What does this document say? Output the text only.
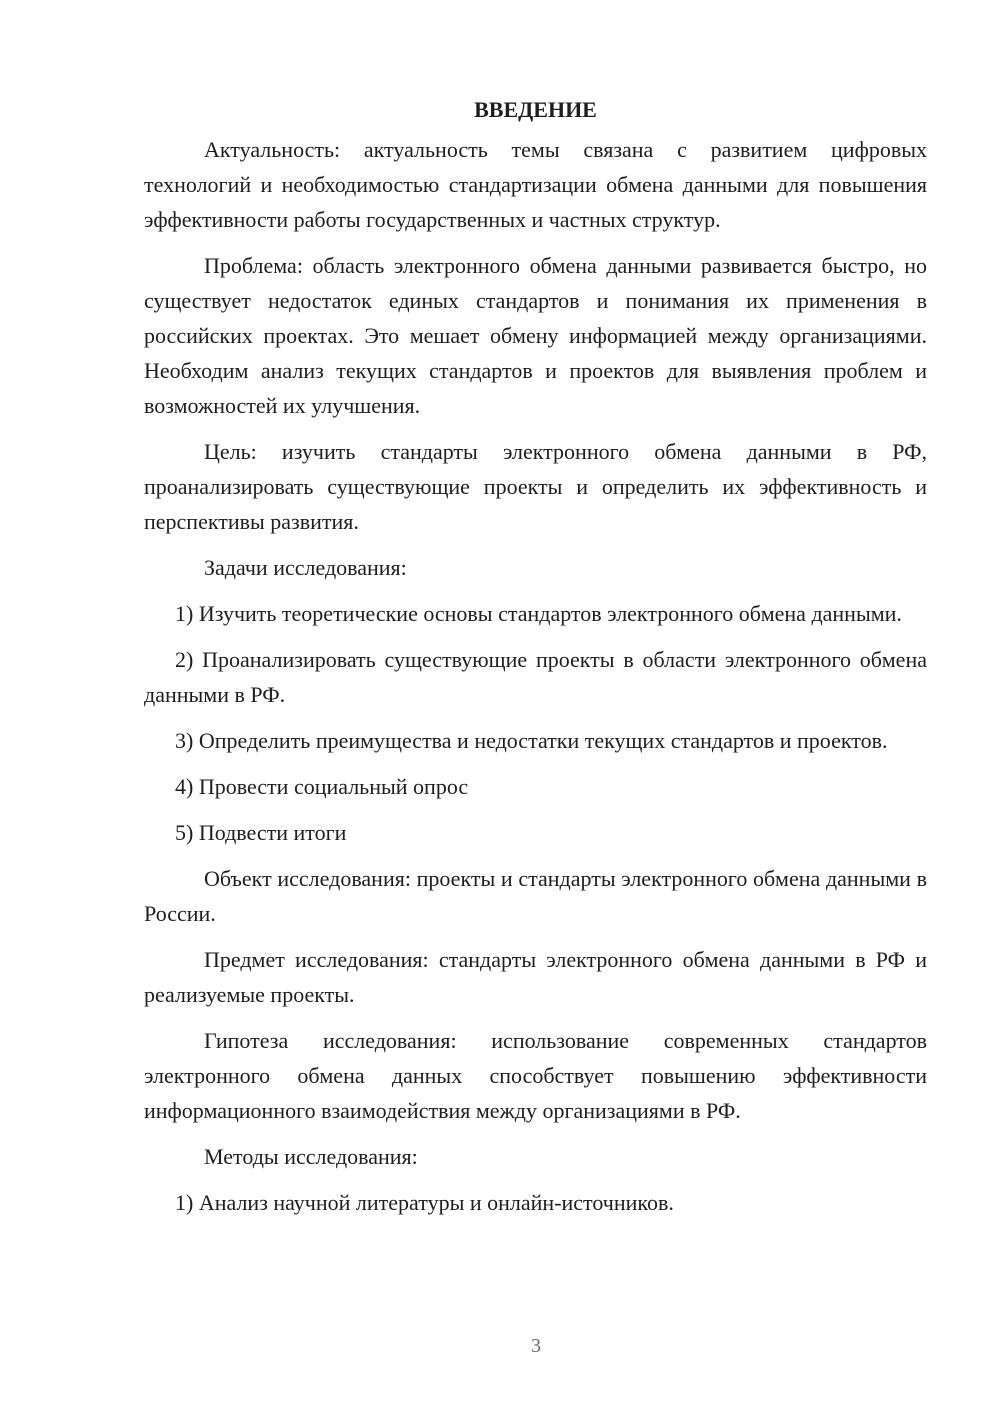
ВВЕДЕНИЕ

Актуальность: актуальность темы связана с развитием цифровых технологий и необходимостью стандартизации обмена данными для повышения эффективности работы государственных и частных структур.

Проблема: область электронного обмена данными развивается быстро, но существует недостаток единых стандартов и понимания их применения в российских проектах. Это мешает обмену информацией между организациями. Необходим анализ текущих стандартов и проектов для выявления проблем и возможностей их улучшения.

Цель: изучить стандарты электронного обмена данными в РФ, проанализировать существующие проекты и определить их эффективность и перспективы развития.

Задачи исследования:

1) Изучить теоретические основы стандартов электронного обмена данными.

2) Проанализировать существующие проекты в области электронного обмена данными в РФ.

3) Определить преимущества и недостатки текущих стандартов и проектов.

4) Провести социальный опрос

5) Подвести итоги

Объект исследования: проекты и стандарты электронного обмена данными в России.

Предмет исследования: стандарты электронного обмена данными в РФ и реализуемые проекты.

Гипотеза исследования: использование современных стандартов электронного обмена данных способствует повышению эффективности информационного взаимодействия между организациями в РФ.

Методы исследования:

1) Анализ научной литературы и онлайн-источников.

3
